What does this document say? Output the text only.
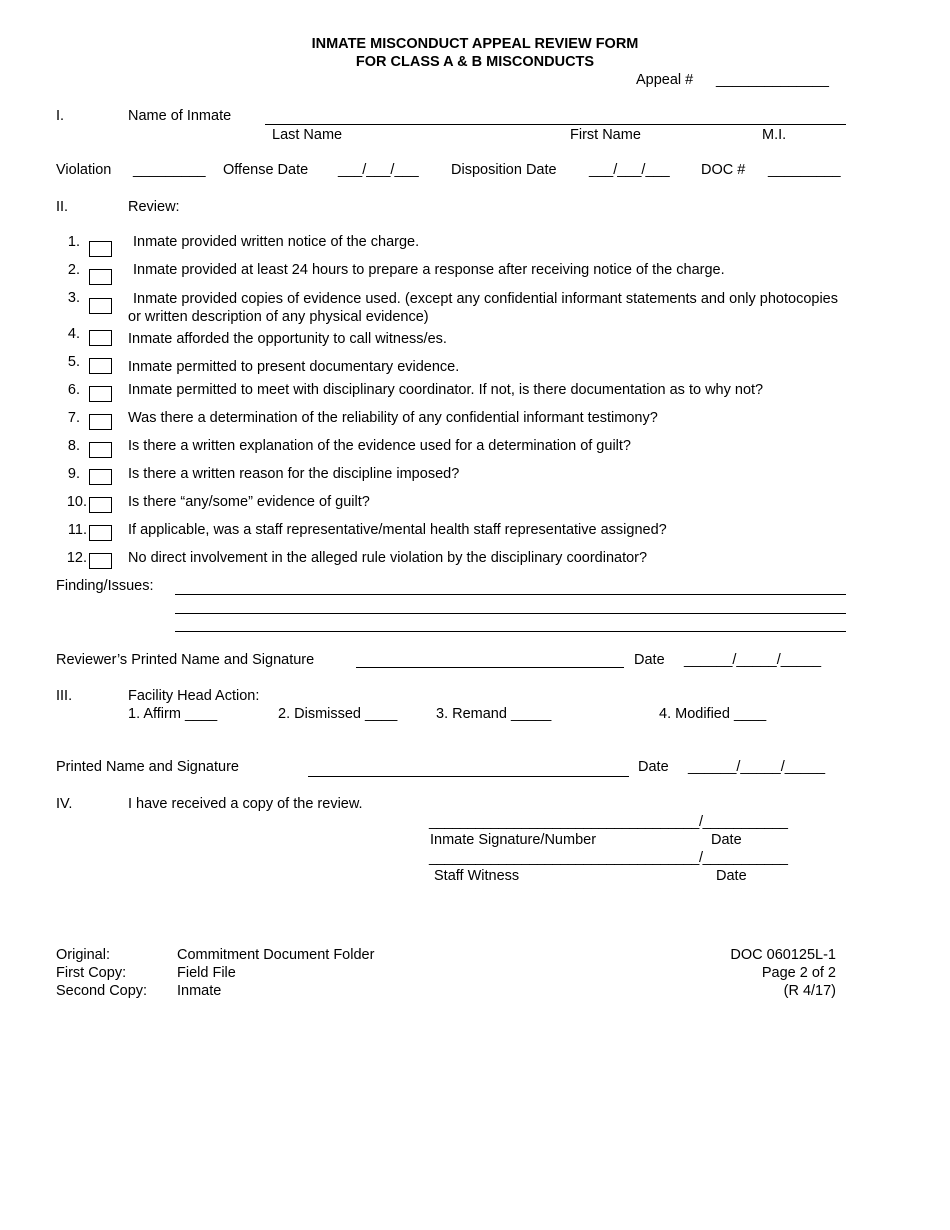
INMATE MISCONDUCT APPEAL REVIEW FORM
FOR CLASS A & B MISCONDUCTS
Appeal # ______________
I.	Name of Inmate
Last Name	First Name	M.I.
Violation _________ Offense Date ___/___/___ Disposition Date ___/___/___ DOC # _________
II.	Review:
1.	Inmate provided written notice of the charge.
2.	Inmate provided at least 24 hours to prepare a response after receiving notice of the charge.
3.	Inmate provided copies of evidence used. (except any confidential informant statements and only photocopies or written description of any physical evidence)
4.	Inmate afforded the opportunity to call witness/es.
5.	Inmate permitted to present documentary evidence.
6.	Inmate permitted to meet with disciplinary coordinator. If not, is there documentation as to why not?
7.	Was there a determination of the reliability of any confidential informant testimony?
8.	Is there a written explanation of the evidence used for a determination of guilt?
9.	Is there a written reason for the discipline imposed?
10.	Is there “any/some” evidence of guilt?
11.	If applicable, was a staff representative/mental health staff representative assigned?
12.	No direct involvement in the alleged rule violation by the disciplinary coordinator?
Finding/Issues:
Reviewer’s Printed Name and Signature	Date ______/_____/_____
III.	Facility Head Action:
1. Affirm ____	2. Dismissed ____	3. Remand _____	4. Modified ____
Printed Name and Signature	Date ______/_____/_____
IV.	I have received a copy of the review.
___________________________________/___________
Inmate Signature/Number	Date
___________________________________/___________
Staff Witness	Date
Original:	Commitment Document Folder
First Copy:	Field File
Second Copy: Inmate
DOC 060125L-1
Page 2 of 2
(R 4/17)
